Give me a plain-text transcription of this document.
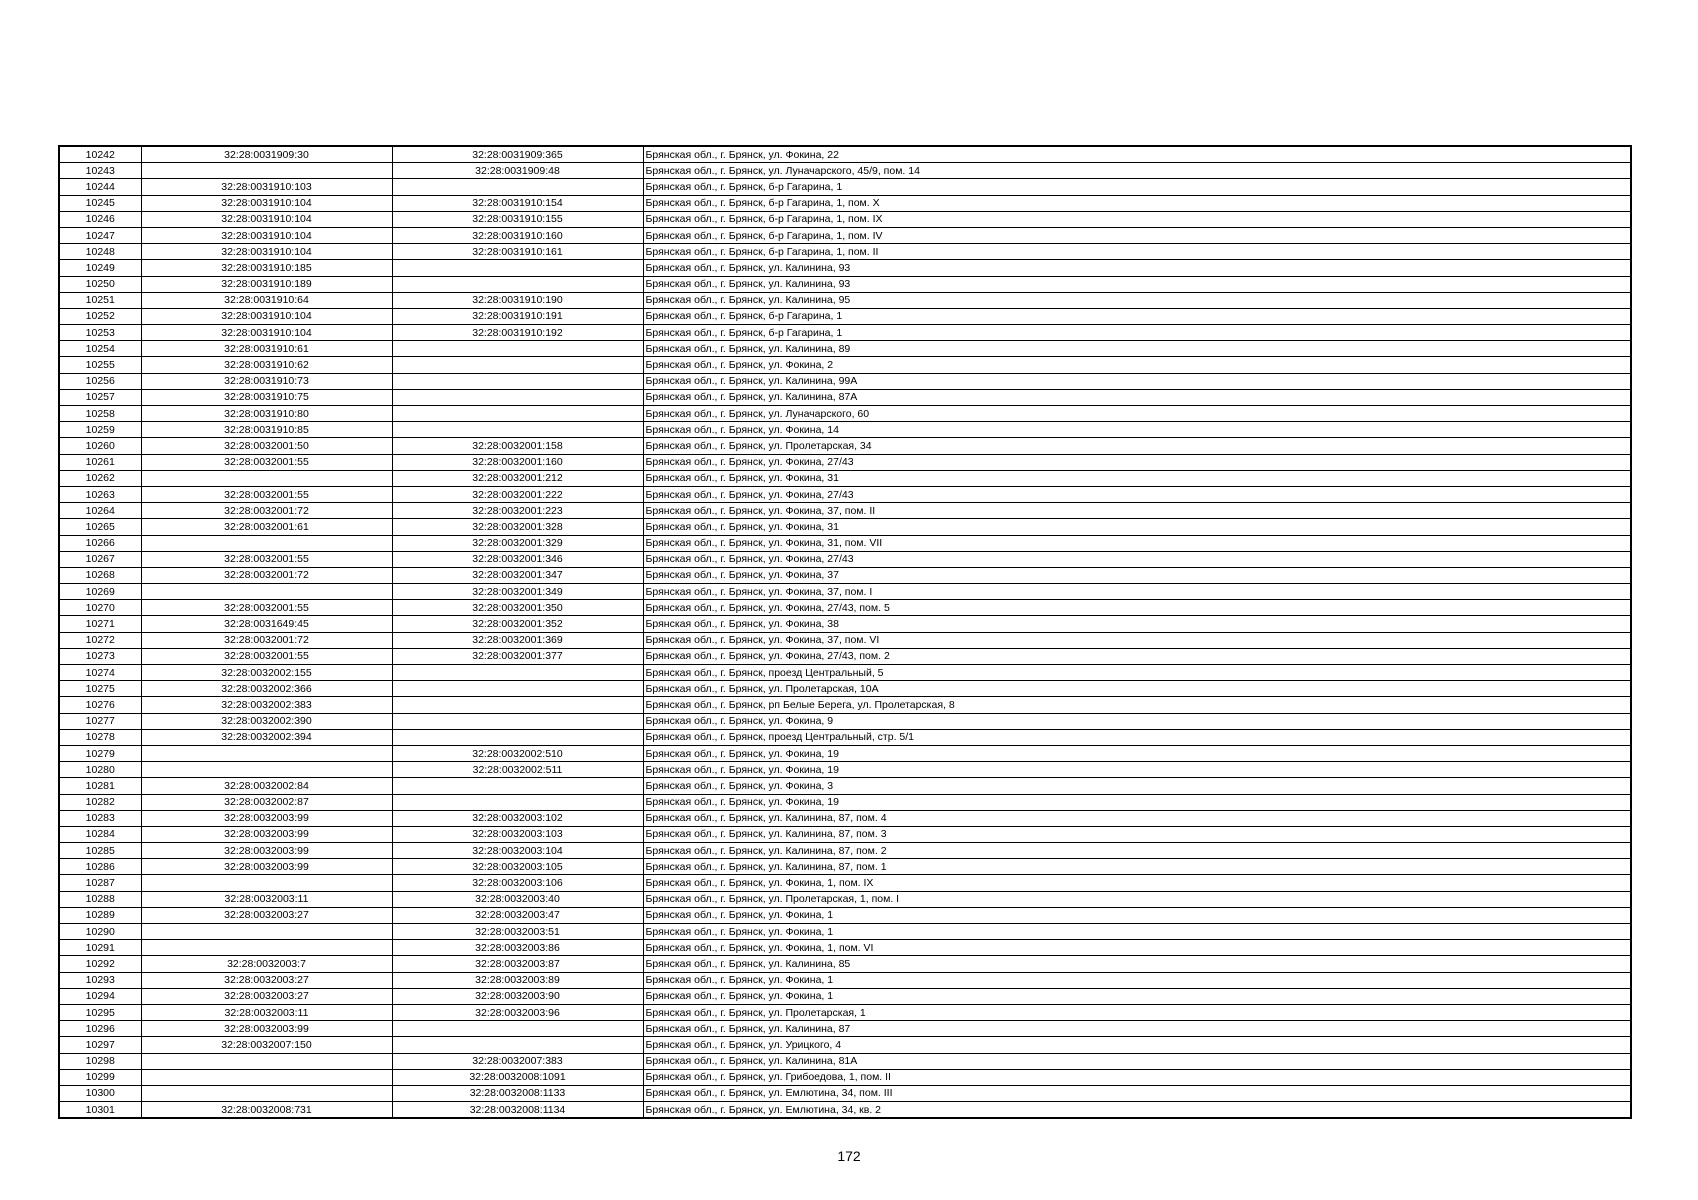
10242	32:28:0031909:30	32:28:0031909:365	Брянская обл., г. Брянск, ул. Фокина, 22
10243		32:28:0031909:48	Брянская обл., г. Брянск, ул. Луначарского, 45/9, пом. 14
10244	32:28:0031910:103		Брянская обл., г. Брянск, б-р Гагарина, 1
10245	32:28:0031910:104	32:28:0031910:154	Брянская обл., г. Брянск, б-р Гагарина, 1, пом. X
10246	32:28:0031910:104	32:28:0031910:155	Брянская обл., г. Брянск, б-р Гагарина, 1, пом. IX
10247	32:28:0031910:104	32:28:0031910:160	Брянская обл., г. Брянск, б-р Гагарина, 1, пом. IV
10248	32:28:0031910:104	32:28:0031910:161	Брянская обл., г. Брянск, б-р Гагарина, 1, пом. II
10249	32:28:0031910:185		Брянская обл., г. Брянск, ул. Калинина, 93
10250	32:28:0031910:189		Брянская обл., г. Брянск, ул. Калинина, 93
10251	32:28:0031910:64	32:28:0031910:190	Брянская обл., г. Брянск, ул. Калинина, 95
10252	32:28:0031910:104	32:28:0031910:191	Брянская обл., г. Брянск, б-р Гагарина, 1
10253	32:28:0031910:104	32:28:0031910:192	Брянская обл., г. Брянск, б-р Гагарина, 1
10254	32:28:0031910:61		Брянская обл., г. Брянск, ул. Калинина, 89
10255	32:28:0031910:62		Брянская обл., г. Брянск, ул. Фокина, 2
10256	32:28:0031910:73		Брянская обл., г. Брянск, ул. Калинина, 99А
10257	32:28:0031910:75		Брянская обл., г. Брянск, ул. Калинина, 87А
10258	32:28:0031910:80		Брянская обл., г. Брянск, ул. Луначарского, 60
10259	32:28:0031910:85		Брянская обл., г. Брянск, ул. Фокина, 14
10260	32:28:0032001:50	32:28:0032001:158	Брянская обл., г. Брянск, ул. Пролетарская, 34
10261	32:28:0032001:55	32:28:0032001:160	Брянская обл., г. Брянск, ул. Фокина, 27/43
10262		32:28:0032001:212	Брянская обл., г. Брянск, ул. Фокина, 31
10263	32:28:0032001:55	32:28:0032001:222	Брянская обл., г. Брянск, ул. Фокина, 27/43
10264	32:28:0032001:72	32:28:0032001:223	Брянская обл., г. Брянск, ул. Фокина, 37, пом. II
10265	32:28:0032001:61	32:28:0032001:328	Брянская обл., г. Брянск, ул. Фокина, 31
10266		32:28:0032001:329	Брянская обл., г. Брянск, ул. Фокина, 31, пом. VII
10267	32:28:0032001:55	32:28:0032001:346	Брянская обл., г. Брянск, ул. Фокина, 27/43
10268	32:28:0032001:72	32:28:0032001:347	Брянская обл., г. Брянск, ул. Фокина, 37
10269		32:28:0032001:349	Брянская обл., г. Брянск, ул. Фокина, 37, пом. I
10270	32:28:0032001:55	32:28:0032001:350	Брянская обл., г. Брянск, ул. Фокина, 27/43, пом. 5
10271	32:28:0031649:45	32:28:0032001:352	Брянская обл., г. Брянск, ул. Фокина, 38
10272	32:28:0032001:72	32:28:0032001:369	Брянская обл., г. Брянск, ул. Фокина, 37, пом. VI
10273	32:28:0032001:55	32:28:0032001:377	Брянская обл., г. Брянск, ул. Фокина, 27/43, пом. 2
10274	32:28:0032002:155		Брянская обл., г. Брянск, проезд Центральный, 5
10275	32:28:0032002:366		Брянская обл., г. Брянск, ул. Пролетарская, 10А
10276	32:28:0032002:383		Брянская обл., г. Брянск, рп Белые Берега, ул. Пролетарская, 8
10277	32:28:0032002:390		Брянская обл., г. Брянск, ул. Фокина, 9
10278	32:28:0032002:394		Брянская обл., г. Брянск, проезд Центральный, стр. 5/1
10279		32:28:0032002:510	Брянская обл., г. Брянск, ул. Фокина, 19
10280		32:28:0032002:511	Брянская обл., г. Брянск, ул. Фокина, 19
10281	32:28:0032002:84		Брянская обл., г. Брянск, ул. Фокина, 3
10282	32:28:0032002:87		Брянская обл., г. Брянск, ул. Фокина, 19
10283	32:28:0032003:99	32:28:0032003:102	Брянская обл., г. Брянск, ул. Калинина, 87, пом. 4
10284	32:28:0032003:99	32:28:0032003:103	Брянская обл., г. Брянск, ул. Калинина, 87, пом. 3
10285	32:28:0032003:99	32:28:0032003:104	Брянская обл., г. Брянск, ул. Калинина, 87, пом. 2
10286	32:28:0032003:99	32:28:0032003:105	Брянская обл., г. Брянск, ул. Калинина, 87, пом. 1
10287		32:28:0032003:106	Брянская обл., г. Брянск, ул. Фокина, 1, пом. IX
10288	32:28:0032003:11	32:28:0032003:40	Брянская обл., г. Брянск, ул. Пролетарская, 1, пом. I
10289	32:28:0032003:27	32:28:0032003:47	Брянская обл., г. Брянск, ул. Фокина, 1
10290		32:28:0032003:51	Брянская обл., г. Брянск, ул. Фокина, 1
10291		32:28:0032003:86	Брянская обл., г. Брянск, ул. Фокина, 1, пом. VI
10292	32:28:0032003:7	32:28:0032003:87	Брянская обл., г. Брянск, ул. Калинина, 85
10293	32:28:0032003:27	32:28:0032003:89	Брянская обл., г. Брянск, ул. Фокина, 1
10294	32:28:0032003:27	32:28:0032003:90	Брянская обл., г. Брянск, ул. Фокина, 1
10295	32:28:0032003:11	32:28:0032003:96	Брянская обл., г. Брянск, ул. Пролетарская, 1
10296	32:28:0032003:99		Брянская обл., г. Брянск, ул. Калинина, 87
10297	32:28:0032007:150		Брянская обл., г. Брянск, ул. Урицкого, 4
10298		32:28:0032007:383	Брянская обл., г. Брянск, ул. Калинина, 81А
10299		32:28:0032008:1091	Брянская обл., г. Брянск, ул. Грибоедова, 1, пом. II
10300		32:28:0032008:1133	Брянская обл., г. Брянск, ул. Емлютина, 34, пом. III
10301	32:28:0032008:731	32:28:0032008:1134	Брянская обл., г. Брянск, ул. Емлютина, 34, кв. 2
172
